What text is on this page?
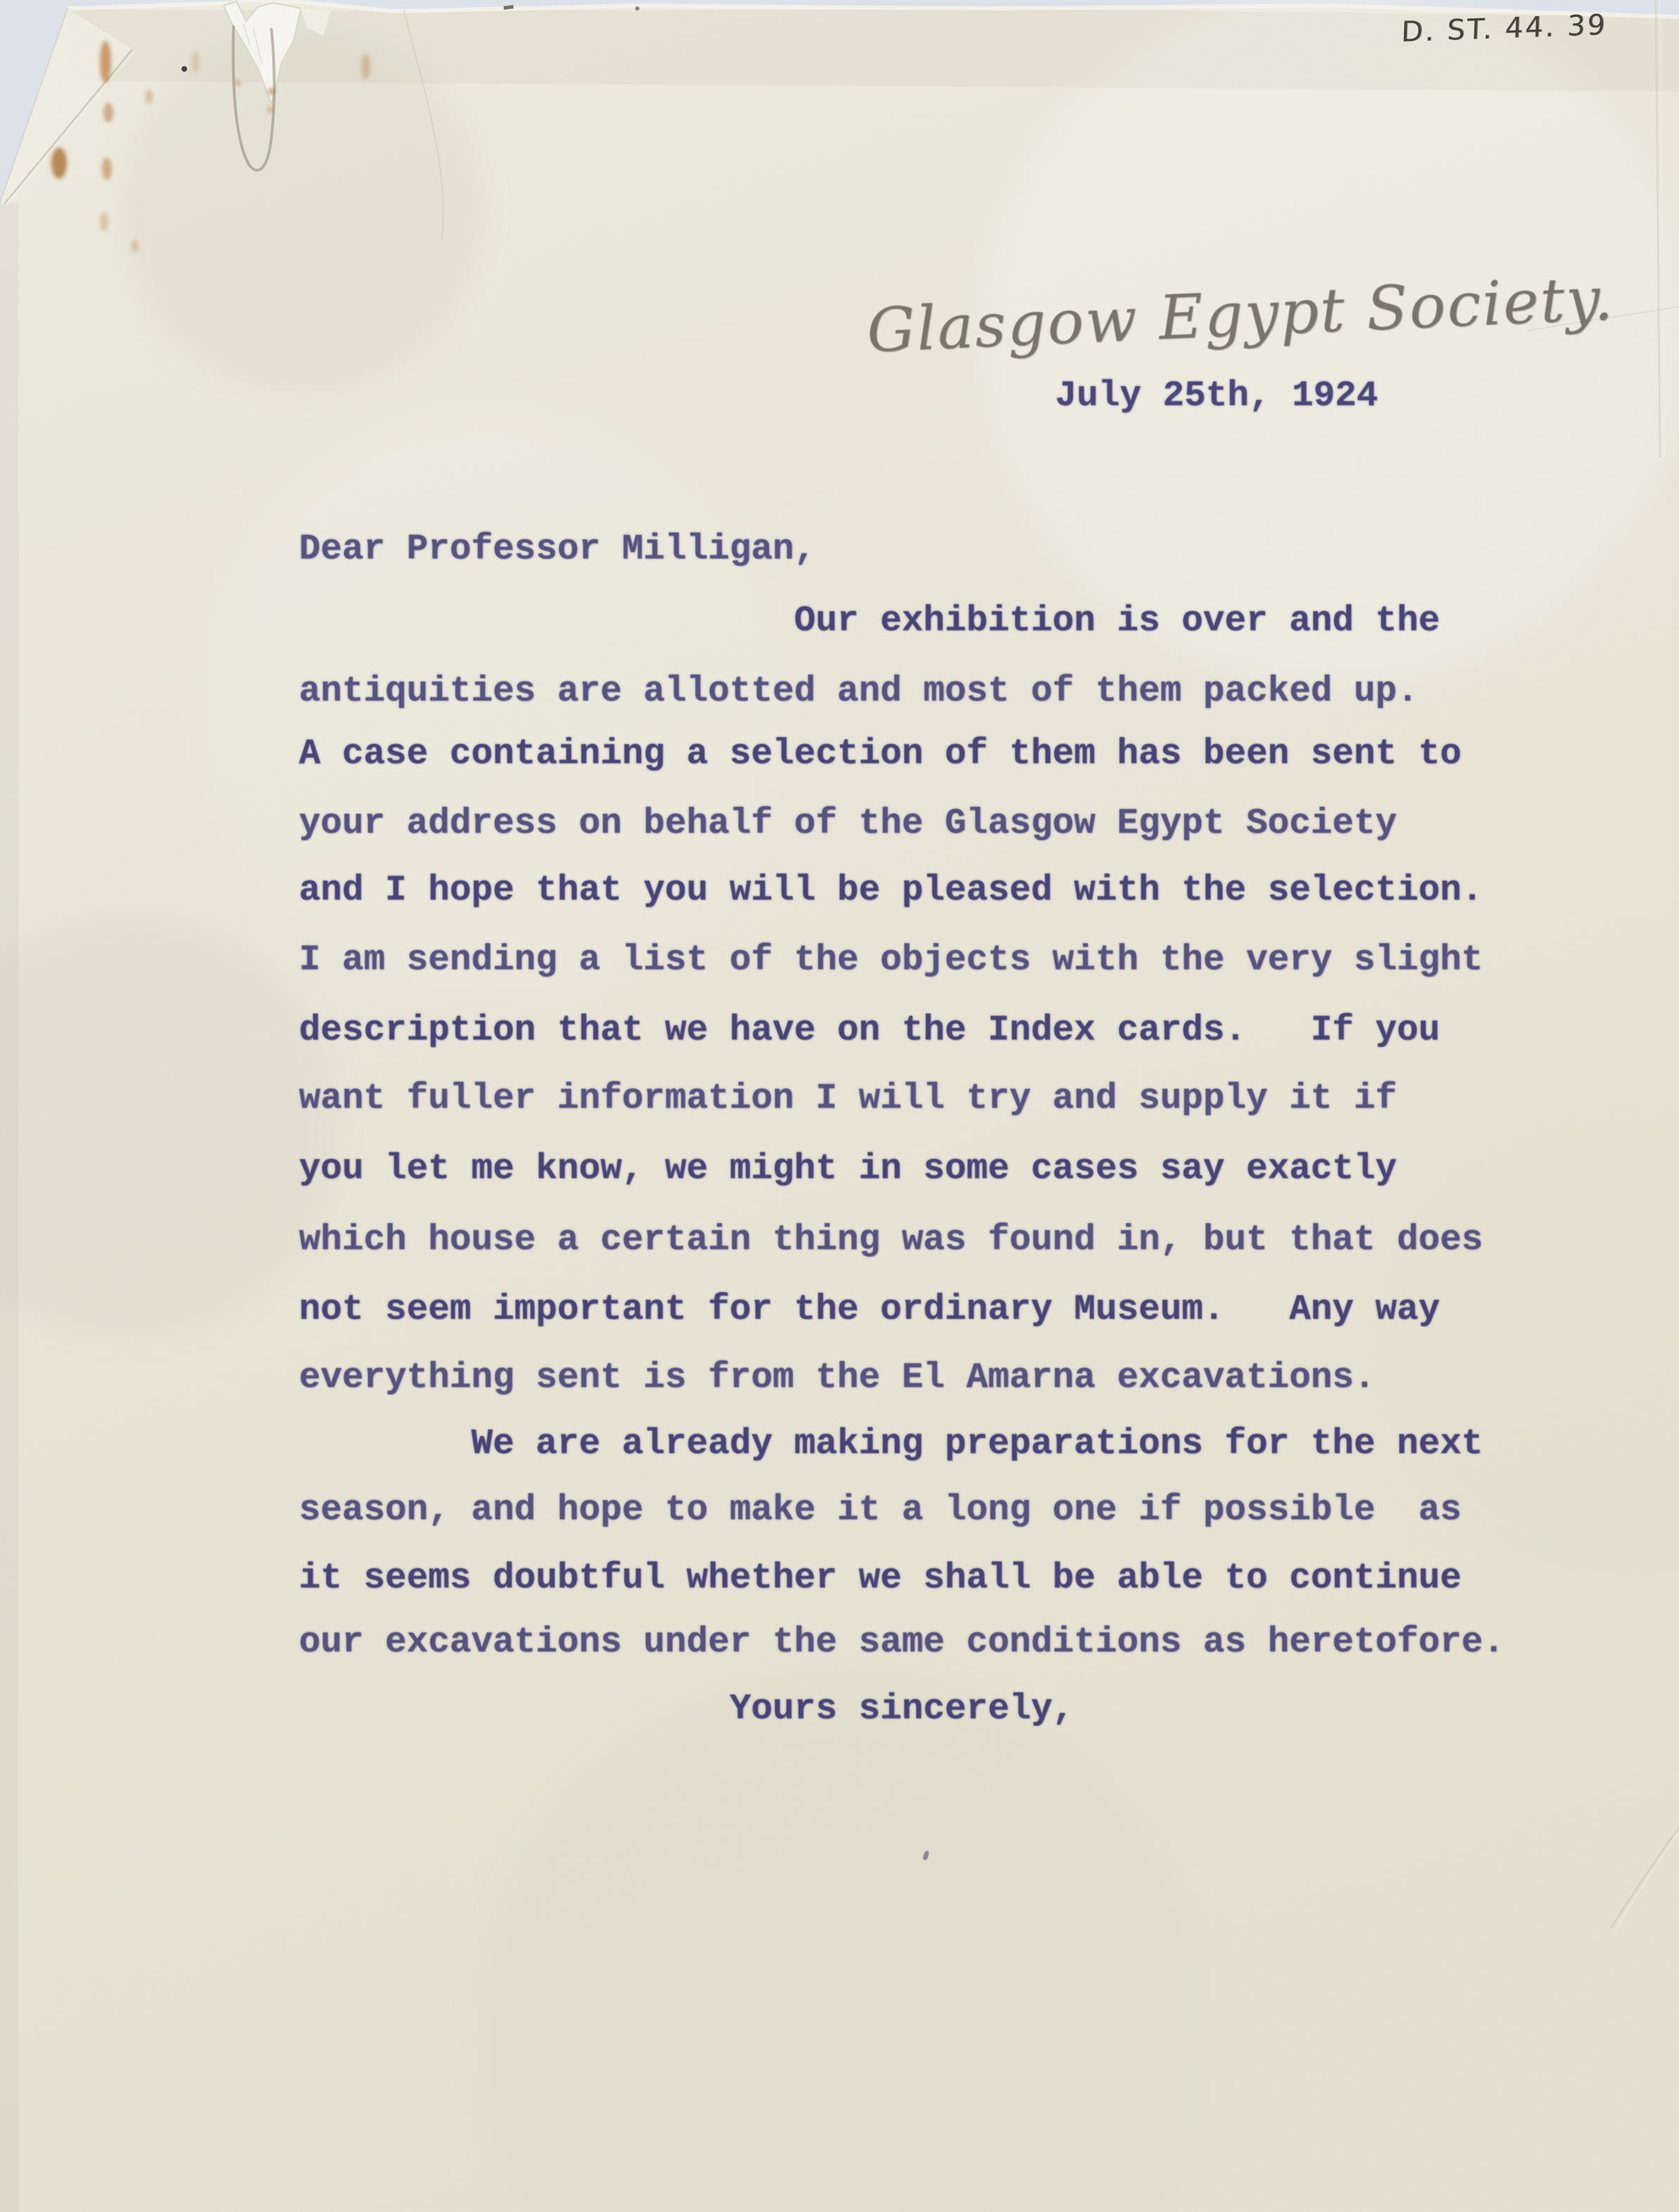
D. ST. 44. 39
Glasgow Egypt Society.
July 25th, 1924
Dear Professor Milligan,
Our exhibition is over and the
antiquities are allotted and most of them packed up.
A case containing a selection of them has been sent to
your address on behalf of the Glasgow Egypt Society
and I hope that you will be pleased with the selection.
I am sending a list of the objects with the very slight
description that we have on the Index cards.   If you
want fuller information I will try and supply it if
you let me know, we might in some cases say exactly
which house a certain thing was found in, but that does
not seem important for the ordinary Museum.   Any way
everything sent is from the El Amarna excavations.
We are already making preparations for the next
season, and hope to make it a long one if possible  as
it seems doubtful whether we shall be able to continue
our excavations under the same conditions as heretofore.
Yours sincerely,
